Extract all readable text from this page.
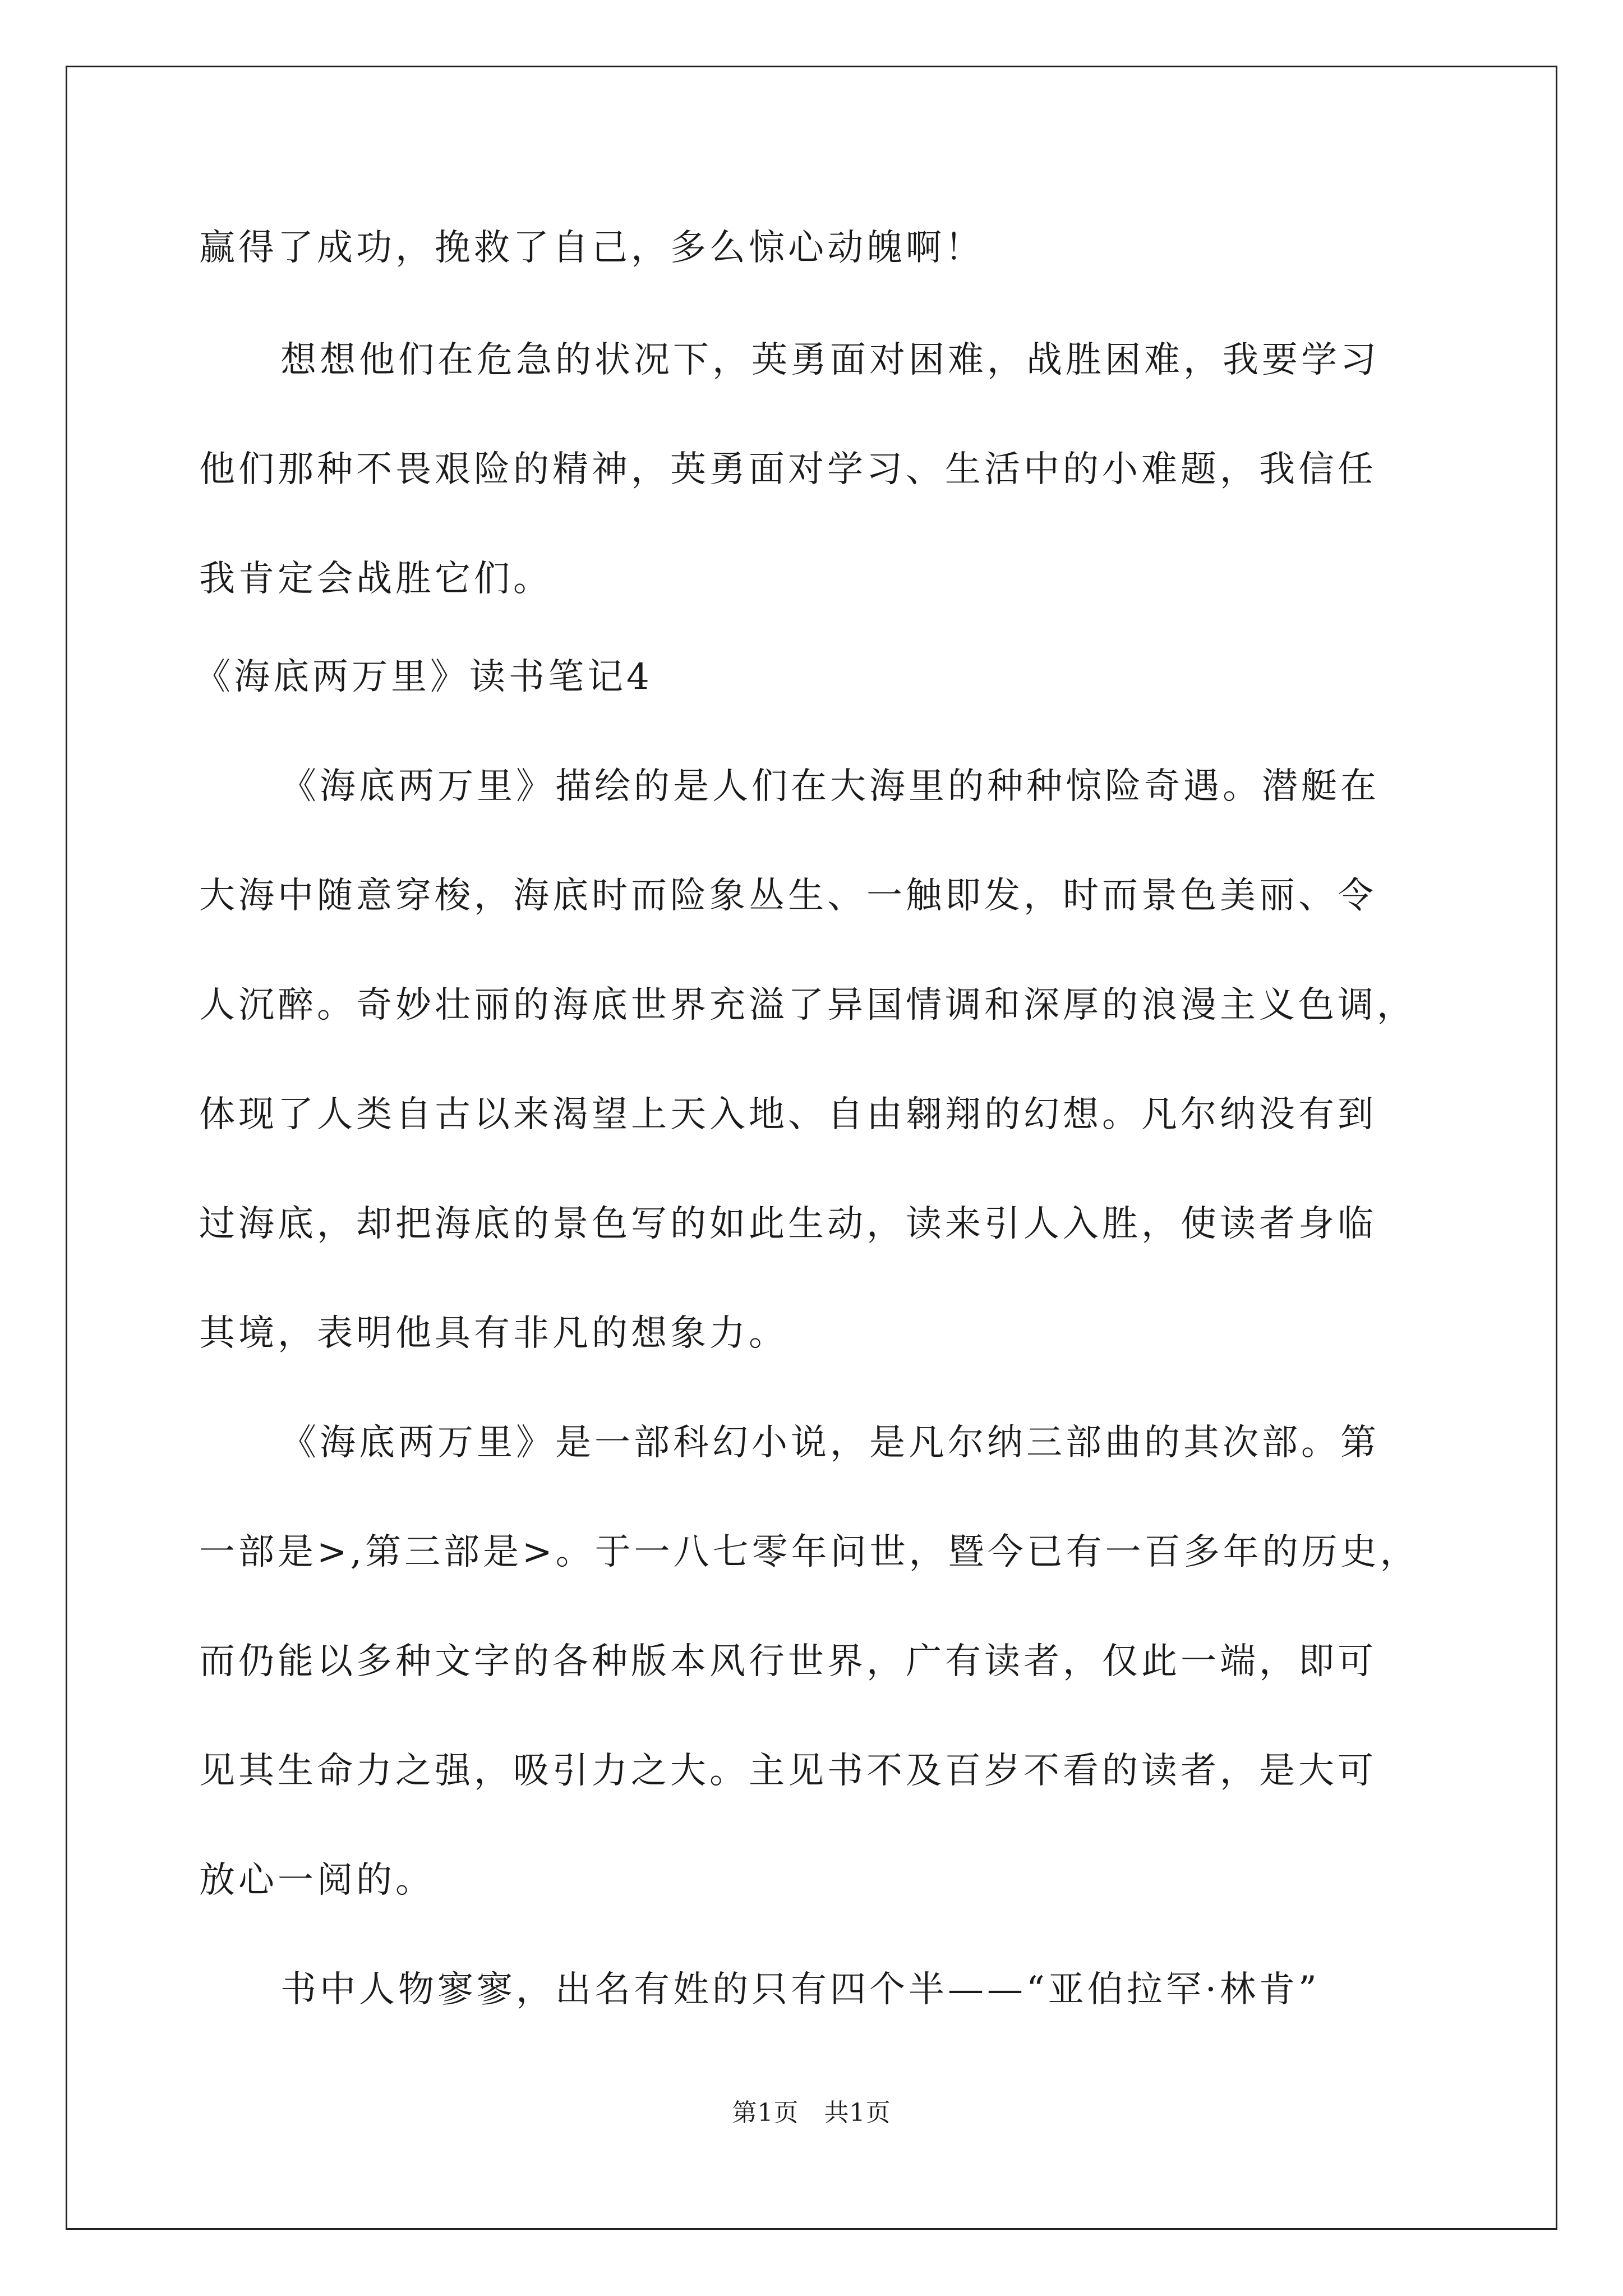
赢得了成功，挽救了自己，多么惊心动魄啊！
想想他们在危急的状况下，英勇面对困难，战胜困难，我要学习
他们那种不畏艰险的精神，英勇面对学习、生活中的小难题，我信任
我肯定会战胜它们。
《海底两万里》读书笔记4
《海底两万里》描绘的是人们在大海里的种种惊险奇遇。潜艇在
大海中随意穿梭，海底时而险象丛生、一触即发，时而景色美丽、令
人沉醉。奇妙壮丽的海底世界充溢了异国情调和深厚的浪漫主义色调，
体现了人类自古以来渴望上天入地、自由翱翔的幻想。凡尔纳没有到
过海底，却把海底的景色写的如此生动，读来引人入胜，使读者身临
其境，表明他具有非凡的想象力。
《海底两万里》是一部科幻小说，是凡尔纳三部曲的其次部。第
一部是>,第三部是>。于一八七零年问世，暨今已有一百多年的历史，
而仍能以多种文字的各种版本风行世界，广有读者，仅此一端，即可
见其生命力之强，吸引力之大。主见书不及百岁不看的读者，是大可
放心一阅的。
书中人物寥寥，出名有姓的只有四个半——“亚伯拉罕·林肯”
第1页　共1页
